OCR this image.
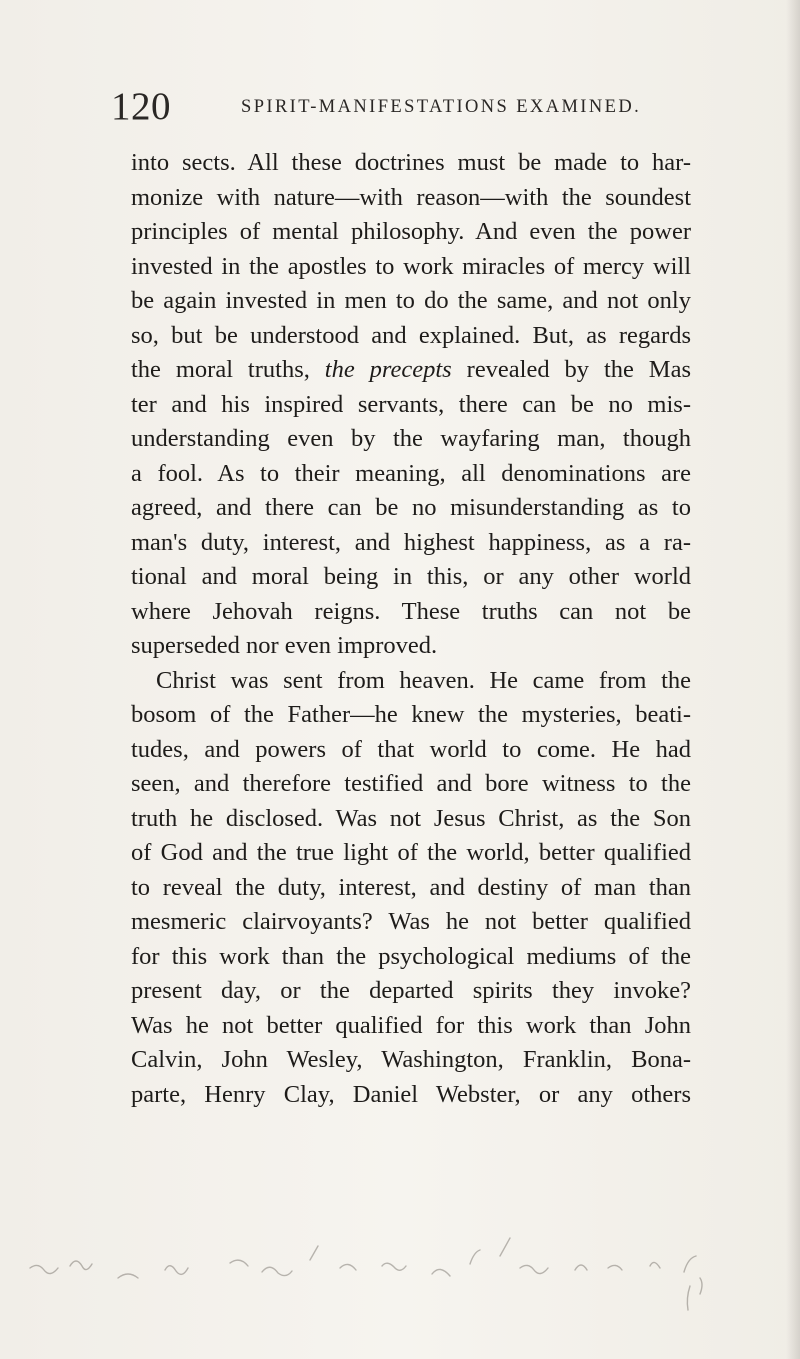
120	SPIRIT-MANIFESTATIONS EXAMINED.
into sects. All these doctrines must be made to har-
monize with nature—with reason—with the soundest
principles of mental philosophy. And even the power
invested in the apostles to work miracles of mercy will
be again invested in men to do the same, and not only
so, but be understood and explained. But, as regards
the moral truths, the precepts revealed by the Mas
ter and his inspired servants, there can be no mis-
understanding even by the wayfaring man, though
a fool. As to their meaning, all denominations are
agreed, and there can be no misunderstanding as to
man's duty, interest, and highest happiness, as a ra-
tional and moral being in this, or any other world
where Jehovah reigns. These truths can not be
superseded nor even improved.
Christ was sent from heaven. He came from the
bosom of the Father—he knew the mysteries, beati-
tudes, and powers of that world to come. He had
seen, and therefore testified and bore witness to the
truth he disclosed. Was not Jesus Christ, as the Son
of God and the true light of the world, better qualified
to reveal the duty, interest, and destiny of man than
mesmeric clairvoyants? Was he not better qualified
for this work than the psychological mediums of the
present day, or the departed spirits they invoke?
Was he not better qualified for this work than John
Calvin, John Wesley, Washington, Franklin, Bona-
parte, Henry Clay, Daniel Webster, or any others
